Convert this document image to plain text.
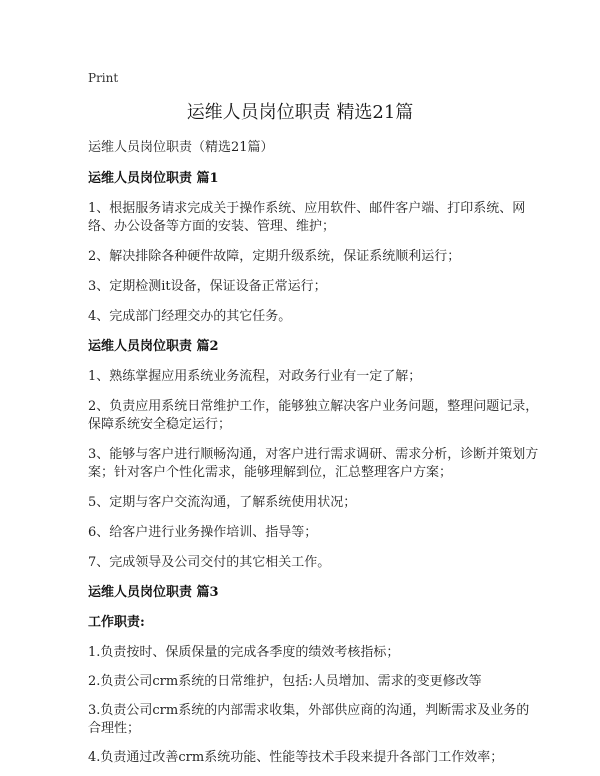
Print
运维人员岗位职责 精选21篇
运维人员岗位职责（精选21篇）
运维人员岗位职责 篇1
1、根据服务请求完成关于操作系统、应用软件、邮件客户端、打印系统、网络、办公设备等方面的安装、管理、维护；
2、解决排除各种硬件故障，定期升级系统，保证系统顺利运行；
3、定期检测it设备，保证设备正常运行；
4、完成部门经理交办的其它任务。
运维人员岗位职责 篇2
1、熟练掌握应用系统业务流程，对政务行业有一定了解；
2、负责应用系统日常维护工作，能够独立解决客户业务问题，整理问题记录，保障系统安全稳定运行；
3、能够与客户进行顺畅沟通，对客户进行需求调研、需求分析，诊断并策划方案；针对客户个性化需求，能够理解到位，汇总整理客户方案；
5、定期与客户交流沟通，了解系统使用状况；
6、给客户进行业务操作培训、指导等；
7、完成领导及公司交付的其它相关工作。
运维人员岗位职责 篇3
工作职责:
1.负责按时、保质保量的完成各季度的绩效考核指标；
2.负责公司crm系统的日常维护，包括:人员增加、需求的变更修改等
3.负责公司crm系统的内部需求收集，外部供应商的沟通，判断需求及业务的合理性；
4.负责通过改善crm系统功能、性能等技术手段来提升各部门工作效率；
